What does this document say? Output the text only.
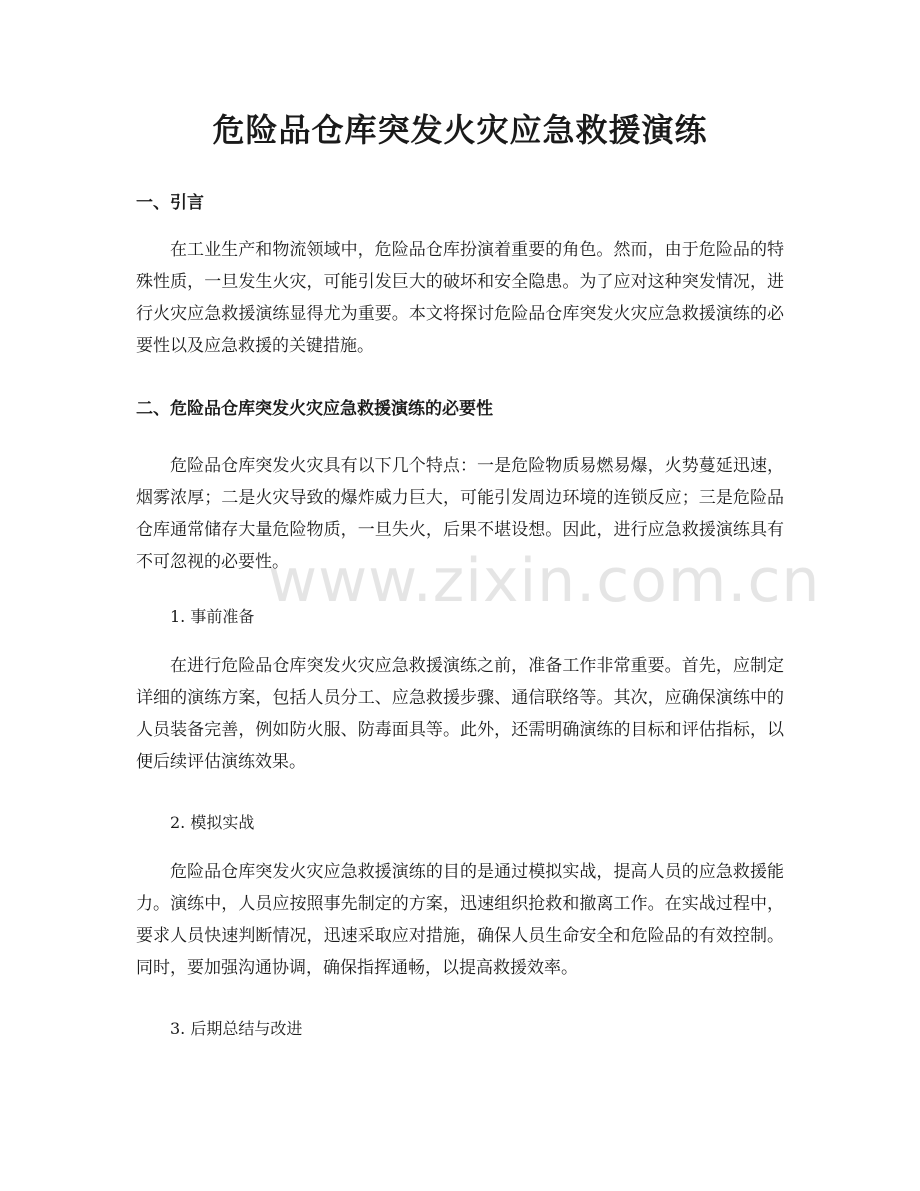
危险品仓库突发火灾应急救援演练
一、引言
在工业生产和物流领域中，危险品仓库扮演着重要的角色。然而，由于危险品的特殊性质，一旦发生火灾，可能引发巨大的破坏和安全隐患。为了应对这种突发情况，进行火灾应急救援演练显得尤为重要。本文将探讨危险品仓库突发火灾应急救援演练的必要性以及应急救援的关键措施。
二、危险品仓库突发火灾应急救援演练的必要性
危险品仓库突发火灾具有以下几个特点：一是危险物质易燃易爆，火势蔓延迅速，烟雾浓厚；二是火灾导致的爆炸威力巨大，可能引发周边环境的连锁反应；三是危险品仓库通常储存大量危险物质，一旦失火，后果不堪设想。因此，进行应急救援演练具有不可忽视的必要性。
1. 事前准备
在进行危险品仓库突发火灾应急救援演练之前，准备工作非常重要。首先，应制定详细的演练方案，包括人员分工、应急救援步骤、通信联络等。其次，应确保演练中的人员装备完善，例如防火服、防毒面具等。此外，还需明确演练的目标和评估指标，以便后续评估演练效果。
2. 模拟实战
危险品仓库突发火灾应急救援演练的目的是通过模拟实战，提高人员的应急救援能力。演练中，人员应按照事先制定的方案，迅速组织抢救和撤离工作。在实战过程中，要求人员快速判断情况，迅速采取应对措施，确保人员生命安全和危险品的有效控制。同时，要加强沟通协调，确保指挥通畅，以提高救援效率。
3. 后期总结与改进
www.zixin.com.cn
